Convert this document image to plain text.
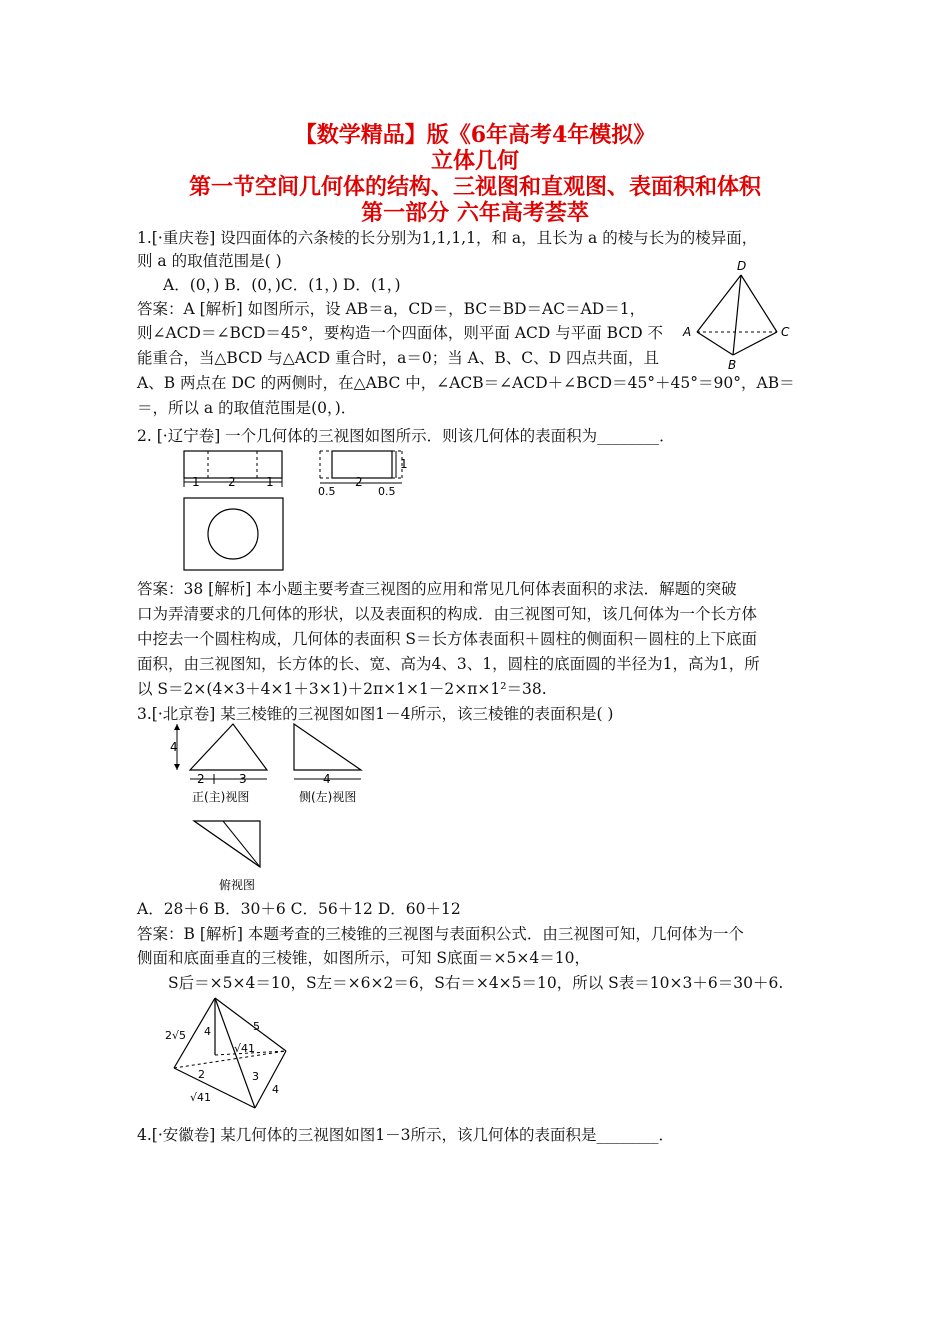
【数学精品】版《6年高考4年模拟》
立体几何
第一节空间几何体的结构、三视图和直观图、表面积和体积
第一部分 六年高考荟萃
1.[·重庆卷] 设四面体的六条棱的长分别为1,1,1,1，和 a，且长为 a 的棱与长为的棱异面，
则 a 的取值范围是( )
A．(0，) B．(0，)C．(1，) D．(1，)
答案：A [解析] 如图所示，设 AB＝a，CD＝，BC＝BD＝AC＝AD＝1，
则∠ACD＝∠BCD＝45°，要构造一个四面体，则平面 ACD 与平面 BCD 不
能重合，当△BCD 与△ACD 重合时，a＝0；当 A、B、C、D 四点共面，且
A、B 两点在 DC 的两侧时，在△ABC 中，∠ACB＝∠ACD＋∠BCD＝45°＋45°＝90°，AB＝
＝，所以 a 的取值范围是(0，)．
D
A	C
B
2. [·辽宁卷] 一个几何体的三视图如图所示．则该几何体的表面积为________．
1 2	1
0.5
2
0.5
1
答案：38 [解析] 本小题主要考查三视图的应用和常见几何体表面积的求法．解题的突破
口为弄清要求的几何体的形状，以及表面积的构成．由三视图可知，该几何体为一个长方体
中挖去一个圆柱构成，几何体的表面积 S＝长方体表面积＋圆柱的侧面积－圆柱的上下底面
面积，由三视图知，长方体的长、宽、高为4、3、1，圆柱的底面圆的半径为1，高为1，所
以 S＝2×(4×3＋4×1＋3×1)＋2π×1×1－2×π×1²＝38.
3.[·北京卷] 某三棱锥的三视图如图1－4所示，该三棱锥的表面积是( )
4
2	3
正(主)视图
4
侧(左)视图
俯视图
A．28＋6 B．30＋6 C．56＋12 D．60＋12
答案：B [解析] 本题考查的三棱锥的三视图与表面积公式．由三视图可知，几何体为一个
侧面和底面垂直的三棱锥，如图所示，可知 S底面＝×5×4＝10，
S后＝×5×4＝10，S左＝×6×2＝6，S右＝×4×5＝10，所以 S表＝10×3＋6＝30＋6.
2√5 4
√41
5
2	3
√41
4
4.[·安徽卷] 某几何体的三视图如图1－3所示，该几何体的表面积是________．
